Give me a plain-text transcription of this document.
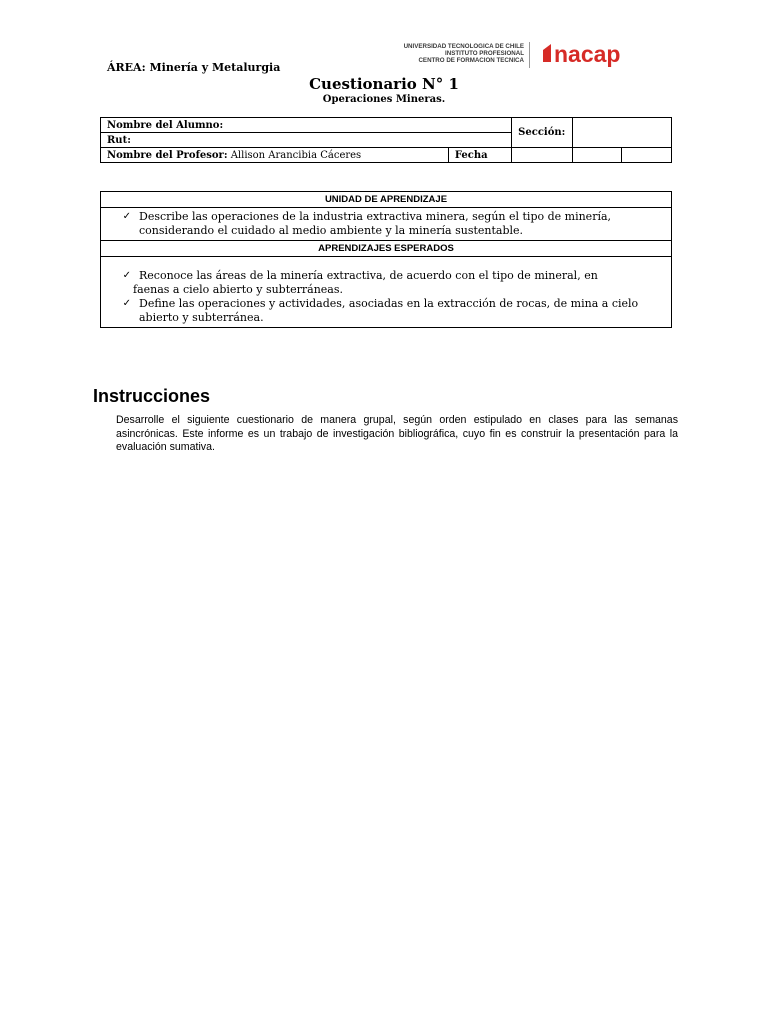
ÁREA: Minería y Metalurgia
UNIVERSIDAD TECNOLOGICA DE CHILE
INSTITUTO PROFESIONAL
CENTRO DE FORMACION TECNICA nacap
Cuestionario N° 1
Operaciones Mineras.
Nombre del Alumno:		Sección:		
Rut:				
Nombre del Profesor: Allison Arancibia Cáceres	Fecha			
UNIDAD DE APRENDIZAJE

✓ Describe las operaciones de la industria extractiva minera, según el tipo de minería, considerando el cuidado al medio ambiente y la minería sustentable.

APRENDIZAJES ESPERADOS

✓ Reconoce las áreas de la minería extractiva, de acuerdo con el tipo de mineral, en
faenas a cielo abierto y subterráneas.
✓ Define las operaciones y actividades, asociadas en la extracción de rocas, de mina a cielo abierto y subterránea.
Instrucciones
Desarrolle el siguiente cuestionario de manera grupal, según orden estipulado en clases para las semanas asincrónicas. Este informe es un trabajo de investigación bibliográfica, cuyo fin es construir la presentación para la evaluación sumativa.
